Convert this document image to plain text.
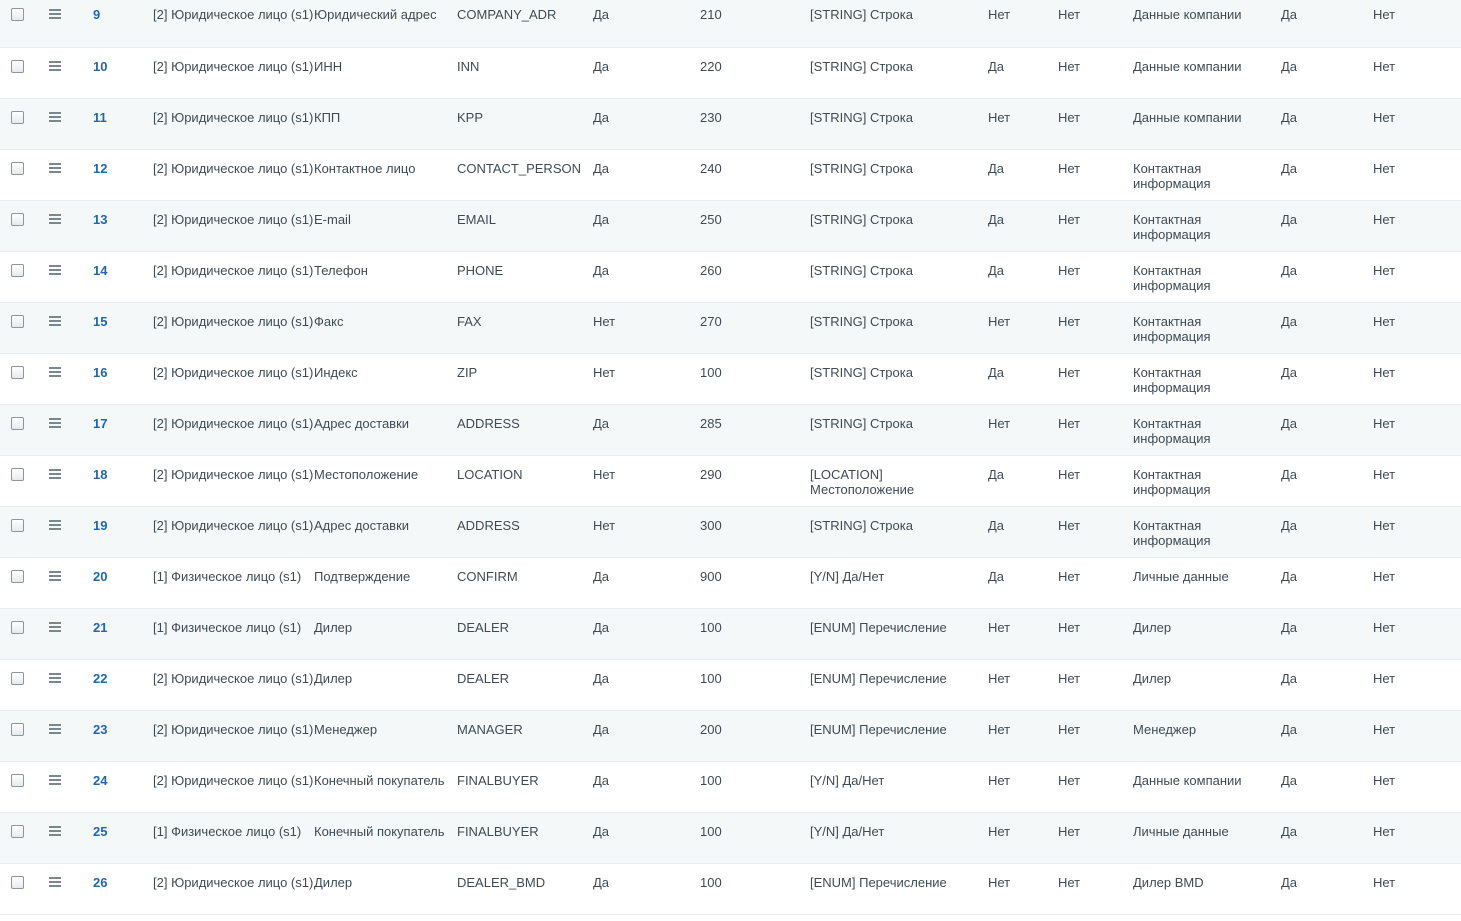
		9	[2] Юридическое лицо (s1)	Юридический адрес	COMPANY_ADR	Да	210	[STRING] Строка	Нет	Нет	Данные компании	Да	Нет

		10	[2] Юридическое лицо (s1)	ИНН	INN	Да	220	[STRING] Строка	Да	Нет	Данные компании	Да	Нет

		11	[2] Юридическое лицо (s1)	КПП	KPP	Да	230	[STRING] Строка	Нет	Нет	Данные компании	Да	Нет

		12	[2] Юридическое лицо (s1)	Контактное лицо	CONTACT_PERSON	Да	240	[STRING] Строка	Да	Нет	Контактная информация	Да	Нет

		13	[2] Юридическое лицо (s1)	E-mail	EMAIL	Да	250	[STRING] Строка	Да	Нет	Контактная информация	Да	Нет

		14	[2] Юридическое лицо (s1)	Телефон	PHONE	Да	260	[STRING] Строка	Да	Нет	Контактная информация	Да	Нет

		15	[2] Юридическое лицо (s1)	Факс	FAX	Нет	270	[STRING] Строка	Нет	Нет	Контактная информация	Да	Нет

		16	[2] Юридическое лицо (s1)	Индекс	ZIP	Нет	100	[STRING] Строка	Да	Нет	Контактная информация	Да	Нет

		17	[2] Юридическое лицо (s1)	Адрес доставки	ADDRESS	Да	285	[STRING] Строка	Нет	Нет	Контактная информация	Да	Нет

		18	[2] Юридическое лицо (s1)	Местоположение	LOCATION	Нет	290	[LOCATION] Местоположение	Да	Нет	Контактная информация	Да	Нет

		19	[2] Юридическое лицо (s1)	Адрес доставки	ADDRESS	Нет	300	[STRING] Строка	Да	Нет	Контактная информация	Да	Нет

		20	[1] Физическое лицо (s1)	Подтверждение	CONFIRM	Да	900	[Y/N] Да/Нет	Да	Нет	Личные данные	Да	Нет

		21	[1] Физическое лицо (s1)	Дилер	DEALER	Да	100	[ENUM] Перечисление	Нет	Нет	Дилер	Да	Нет

		22	[2] Юридическое лицо (s1)	Дилер	DEALER	Да	100	[ENUM] Перечисление	Нет	Нет	Дилер	Да	Нет

		23	[2] Юридическое лицо (s1)	Менеджер	MANAGER	Да	200	[ENUM] Перечисление	Нет	Нет	Менеджер	Да	Нет

		24	[2] Юридическое лицо (s1)	Конечный покупатель	FINALBUYER	Да	100	[Y/N] Да/Нет	Нет	Нет	Данные компании	Да	Нет

		25	[1] Физическое лицо (s1)	Конечный покупатель	FINALBUYER	Да	100	[Y/N] Да/Нет	Нет	Нет	Личные данные	Да	Нет

		26	[2] Юридическое лицо (s1)	Дилер	DEALER_BMD	Да	100	[ENUM] Перечисление	Нет	Нет	Дилер BMD	Да	Нет
